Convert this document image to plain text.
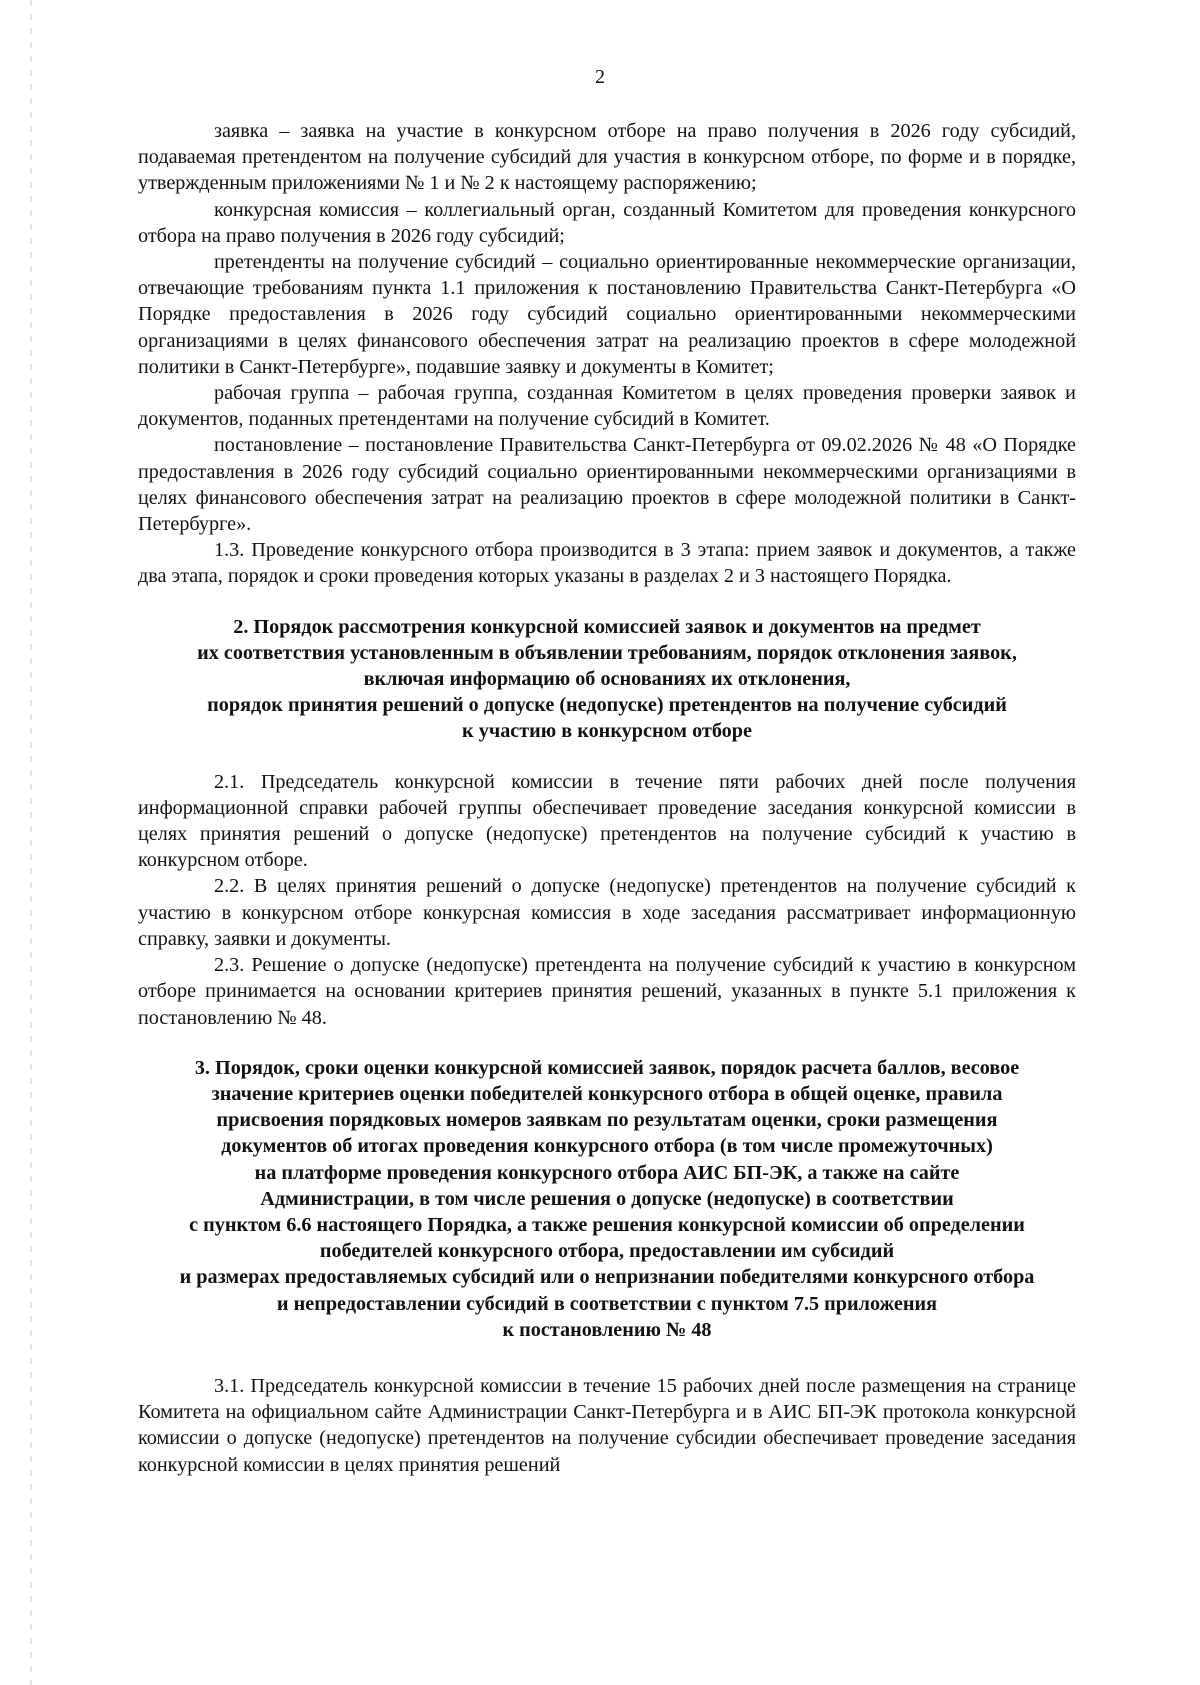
2

заявка – заявка на участие в конкурсном отборе на право получения в 2026 году субсидий, подаваемая претендентом на получение субсидий для участия в конкурсном отборе, по форме и в порядке, утвержденным приложениями № 1 и № 2 к настоящему распоряжению;

конкурсная комиссия – коллегиальный орган, созданный Комитетом для проведения конкурсного отбора на право получения в 2026 году субсидий;

претенденты на получение субсидий – социально ориентированные некоммерческие организации, отвечающие требованиям пункта 1.1 приложения к постановлению Правительства Санкт-Петербурга «О Порядке предоставления в 2026 году субсидий социально ориентированными некоммерческими организациями в целях финансового обеспечения затрат на реализацию проектов в сфере молодежной политики в Санкт-Петербурге», подавшие заявку и документы в Комитет;

рабочая группа – рабочая группа, созданная Комитетом в целях проведения проверки заявок и документов, поданных претендентами на получение субсидий в Комитет.

постановление – постановление Правительства Санкт-Петербурга от 09.02.2026 № 48 «О Порядке предоставления в 2026 году субсидий социально ориентированными некоммерческими организациями в целях финансового обеспечения затрат на реализацию проектов в сфере молодежной политики в Санкт-Петербурге».

1.3. Проведение конкурсного отбора производится в 3 этапа: прием заявок и документов, а также два этапа, порядок и сроки проведения которых указаны в разделах 2 и 3 настоящего Порядка.

2. Порядок рассмотрения конкурсной комиссией заявок и документов на предмет
их соответствия установленным в объявлении требованиям, порядок отклонения заявок,
включая информацию об основаниях их отклонения,
порядок принятия решений о допуске (недопуске) претендентов на получение субсидий
к участию в конкурсном отборе

2.1. Председатель конкурсной комиссии в течение пяти рабочих дней после получения информационной справки рабочей группы обеспечивает проведение заседания конкурсной комиссии в целях принятия решений о допуске (недопуске) претендентов на получение субсидий к участию в конкурсном отборе.

2.2. В целях принятия решений о допуске (недопуске) претендентов на получение субсидий к участию в конкурсном отборе конкурсная комиссия в ходе заседания рассматривает информационную справку, заявки и документы.

2.3. Решение о допуске (недопуске) претендента на получение субсидий к участию в конкурсном отборе принимается на основании критериев принятия решений, указанных в пункте 5.1 приложения к постановлению № 48.

3. Порядок, сроки оценки конкурсной комиссией заявок, порядок расчета баллов, весовое
значение критериев оценки победителей конкурсного отбора в общей оценке, правила
присвоения порядковых номеров заявкам по результатам оценки, сроки размещения
документов об итогах проведения конкурсного отбора (в том числе промежуточных)
на платформе проведения конкурсного отбора АИС БП-ЭК, а также на сайте
Администрации, в том числе решения о допуске (недопуске) в соответствии
с пунктом 6.6 настоящего Порядка, а также решения конкурсной комиссии об определении
победителей конкурсного отбора, предоставлении им субсидий
и размерах предоставляемых субсидий или о непризнании победителями конкурсного отбора
и непредоставлении субсидий в соответствии с пунктом 7.5 приложения
к постановлению № 48

3.1. Председатель конкурсной комиссии в течение 15 рабочих дней после размещения на странице Комитета на официальном сайте Администрации Санкт-Петербурга и в АИС БП-ЭК протокола конкурсной комиссии о допуске (недопуске) претендентов на получение субсидии обеспечивает проведение заседания конкурсной комиссии в целях принятия решений
